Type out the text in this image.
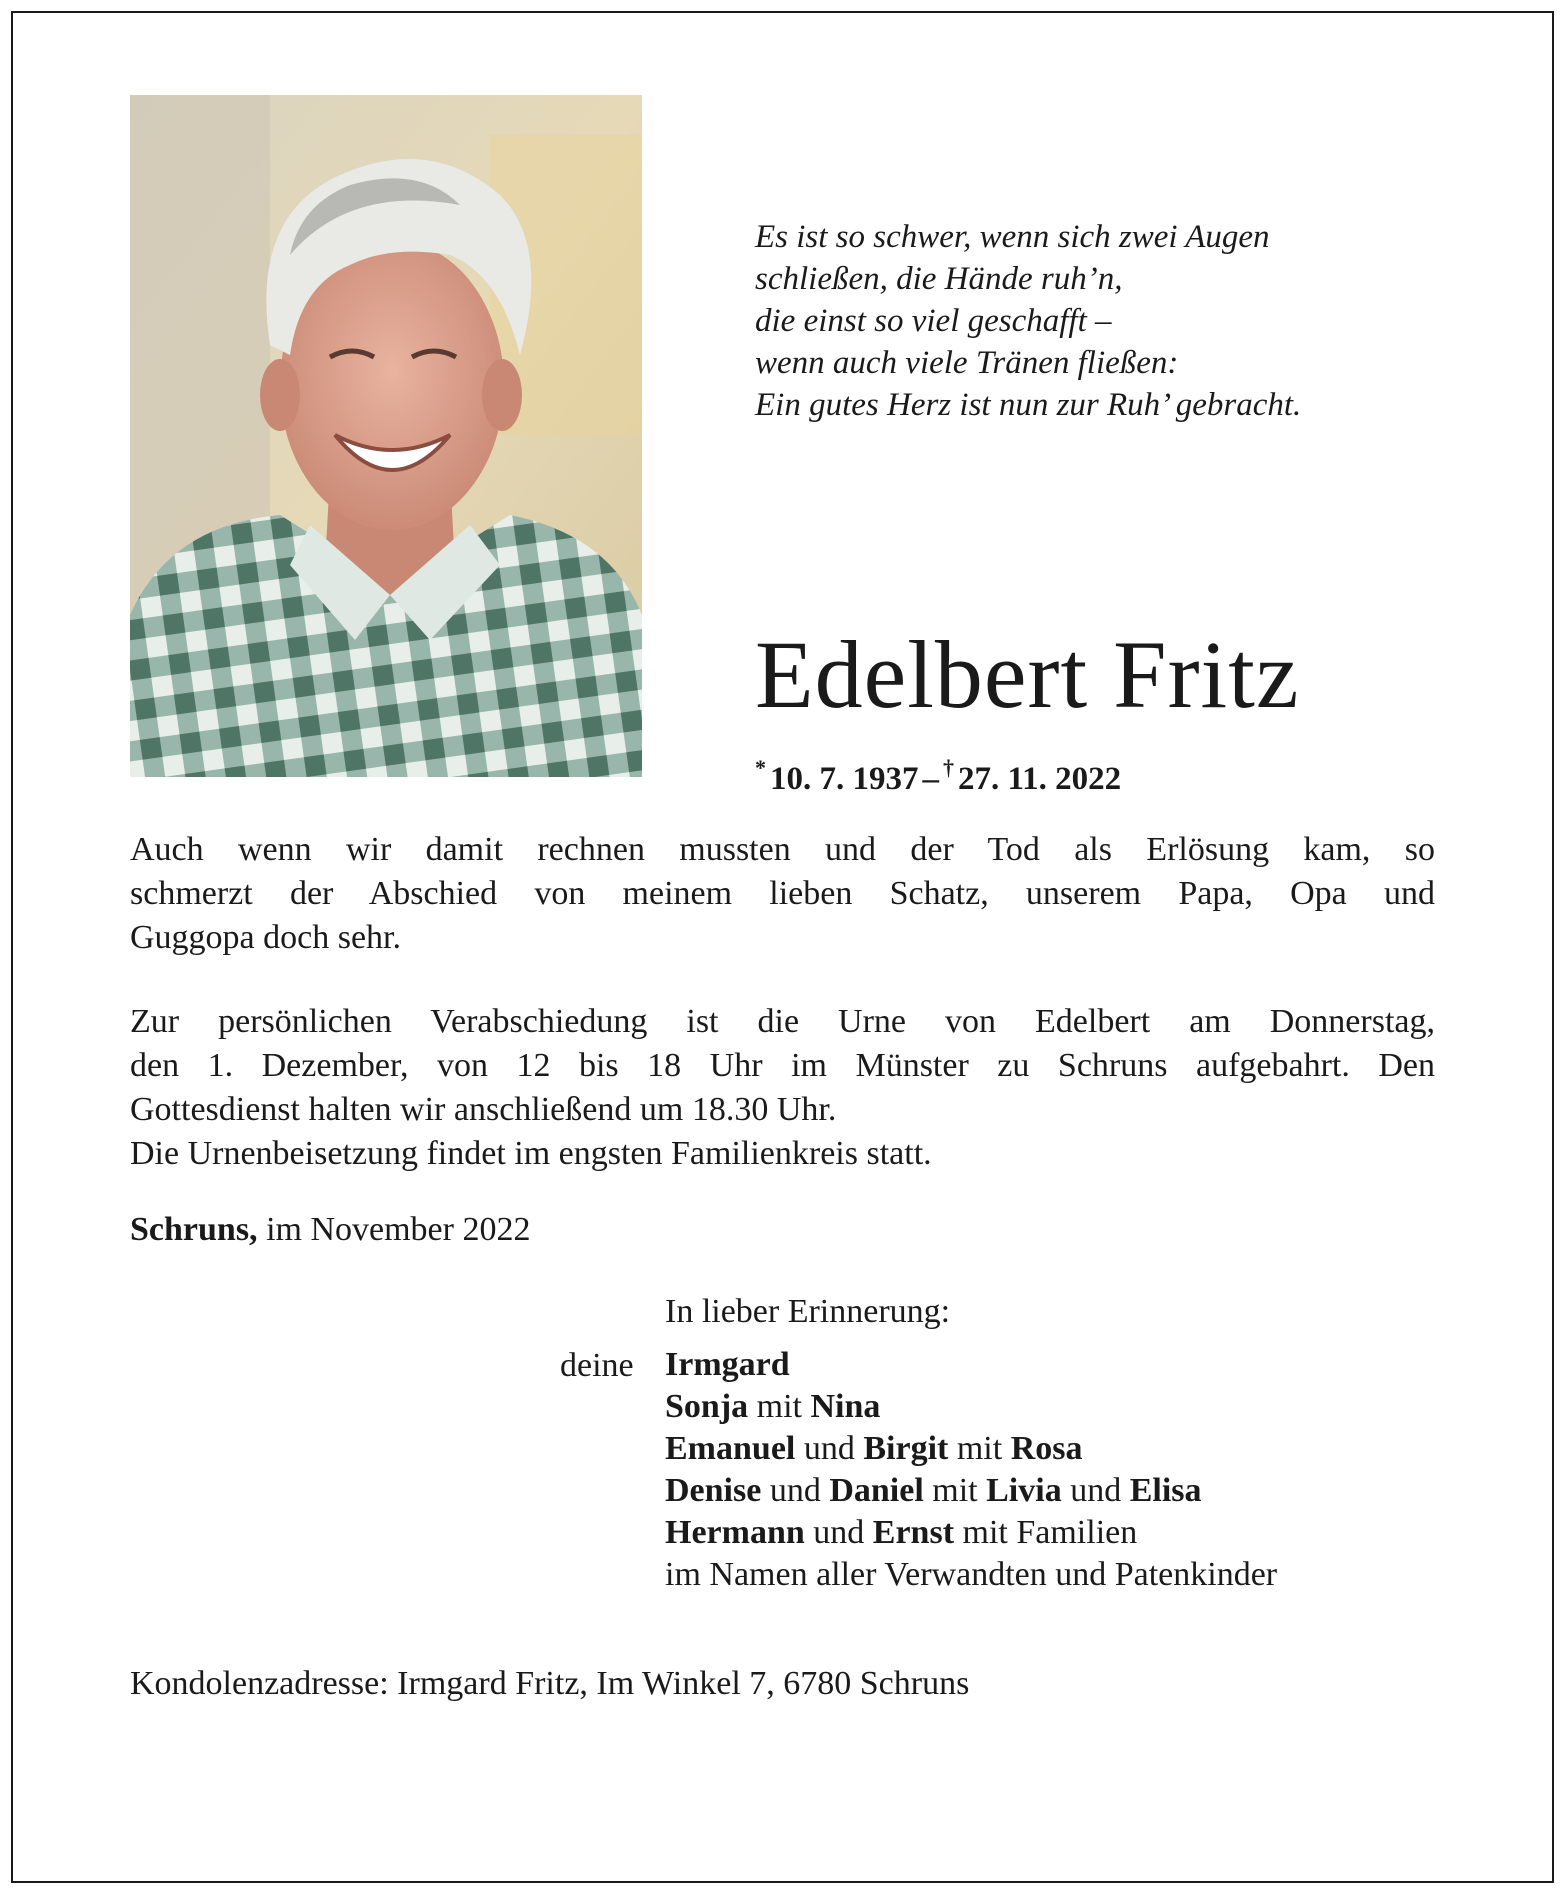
Es ist so schwer, wenn sich zwei Augen
schließen, die Hände ruh’n,
die einst so viel geschafft –
wenn auch viele Tränen fließen:
Ein gutes Herz ist nun zur Ruh’ gebracht.
Edelbert Fritz
* 10. 7. 1937 – † 27. 11. 2022
Auch wenn wir damit rechnen mussten und der Tod als Erlösung kam, so
schmerzt der Abschied von meinem lieben Schatz, unserem Papa, Opa und
Guggopa doch sehr.
Zur persönlichen Verabschiedung ist die Urne von Edelbert am Donnerstag,
den 1. Dezember, von 12 bis 18 Uhr im Münster zu Schruns aufgebahrt. Den
Gottesdienst halten wir anschließend um 18.30 Uhr.
Die Urnenbeisetzung findet im engsten Familienkreis statt.
Schruns, im November 2022
In lieber Erinnerung:
deine Irmgard
Sonja mit Nina
Emanuel und Birgit mit Rosa
Denise und Daniel mit Livia und Elisa
Hermann und Ernst mit Familien
im Namen aller Verwandten und Patenkinder
Kondolenzadresse: Irmgard Fritz, Im Winkel 7, 6780 Schruns
